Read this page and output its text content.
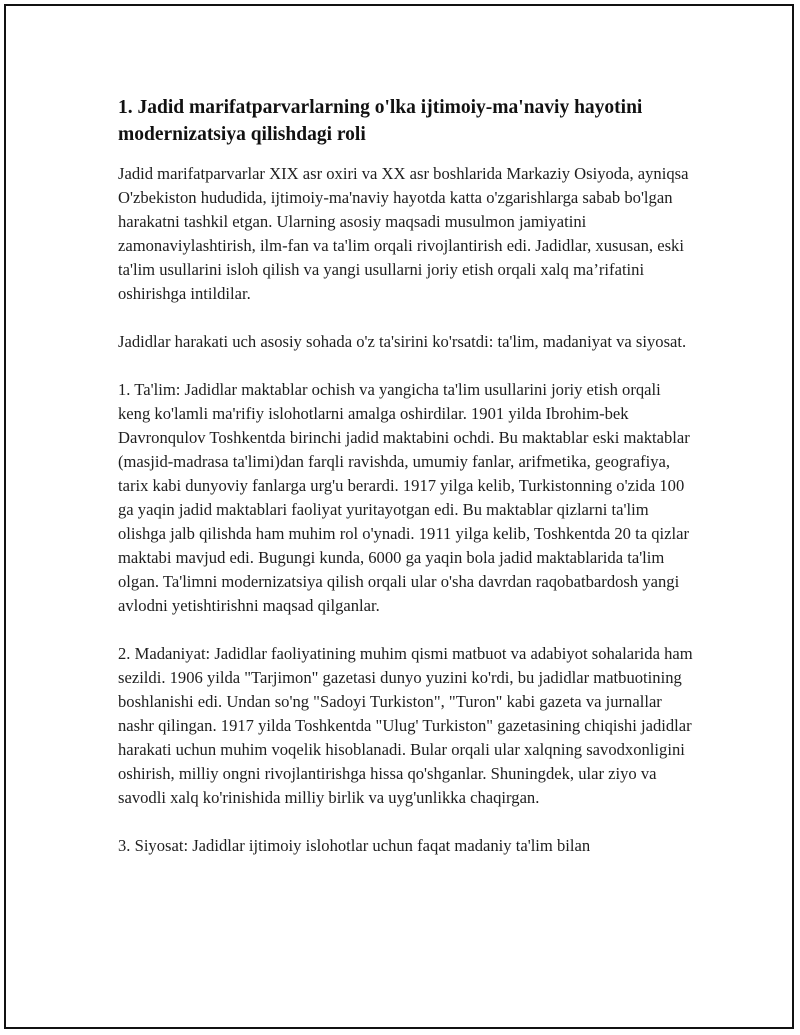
1. Jadid marifatparvarlarning o'lka ijtimoiy-ma'naviy hayotini modernizatsiya qilishdagi roli

Jadid marifatparvarlar XIX asr oxiri va XX asr boshlarida Markaziy Osiyoda, ayniqsa O'zbekiston hududida, ijtimoiy-ma'naviy hayotda katta o'zgarishlarga sabab bo'lgan harakatni tashkil etgan. Ularning asosiy maqsadi musulmon jamiyatini zamonaviylashtirish, ilm-fan va ta'lim orqali rivojlantirish edi. Jadidlar, xususan, eski ta'lim usullarini isloh qilish va yangi usullarni joriy etish orqali xalq ma’rifatini oshirishga intildilar.

Jadidlar harakati uch asosiy sohada o'z ta'sirini ko'rsatdi: ta'lim, madaniyat va siyosat.

1. Ta'lim: Jadidlar maktablar ochish va yangicha ta'lim usullarini joriy etish orqali keng ko'lamli ma'rifiy islohotlarni amalga oshirdilar. 1901 yilda Ibrohim-bek Davronqulov Toshkentda birinchi jadid maktabini ochdi. Bu maktablar eski maktablar (masjid-madrasa ta'limi)dan farqli ravishda, umumiy fanlar, arifmetika, geografiya, tarix kabi dunyoviy fanlarga urg'u berardi. 1917 yilga kelib, Turkistonning o'zida 100 ga yaqin jadid maktablari faoliyat yuritayotgan edi. Bu maktablar qizlarni ta'lim olishga jalb qilishda ham muhim rol o'ynadi. 1911 yilga kelib, Toshkentda 20 ta qizlar maktabi mavjud edi. Bugungi kunda, 6000 ga yaqin bola jadid maktablarida ta'lim olgan. Ta'limni modernizatsiya qilish orqali ular o'sha davrdan raqobatbardosh yangi avlodni yetishtirishni maqsad qilganlar.

2. Madaniyat: Jadidlar faoliyatining muhim qismi matbuot va adabiyot sohalarida ham sezildi. 1906 yilda "Tarjimon" gazetasi dunyo yuzini ko'rdi, bu jadidlar matbuotining boshlanishi edi. Undan so'ng "Sadoyi Turkiston", "Turon" kabi gazeta va jurnallar nashr qilingan. 1917 yilda Toshkentda "Ulug' Turkiston" gazetasining chiqishi jadidlar harakati uchun muhim voqelik hisoblanadi. Bular orqali ular xalqning savodxonligini oshirish, milliy ongni rivojlantirishga hissa qo'shganlar. Shuningdek, ular ziyo va savodli xalq ko'rinishida milliy birlik va uyg'unlikka chaqirgan.

3. Siyosat: Jadidlar ijtimoiy islohotlar uchun faqat madaniy ta'lim bilan
